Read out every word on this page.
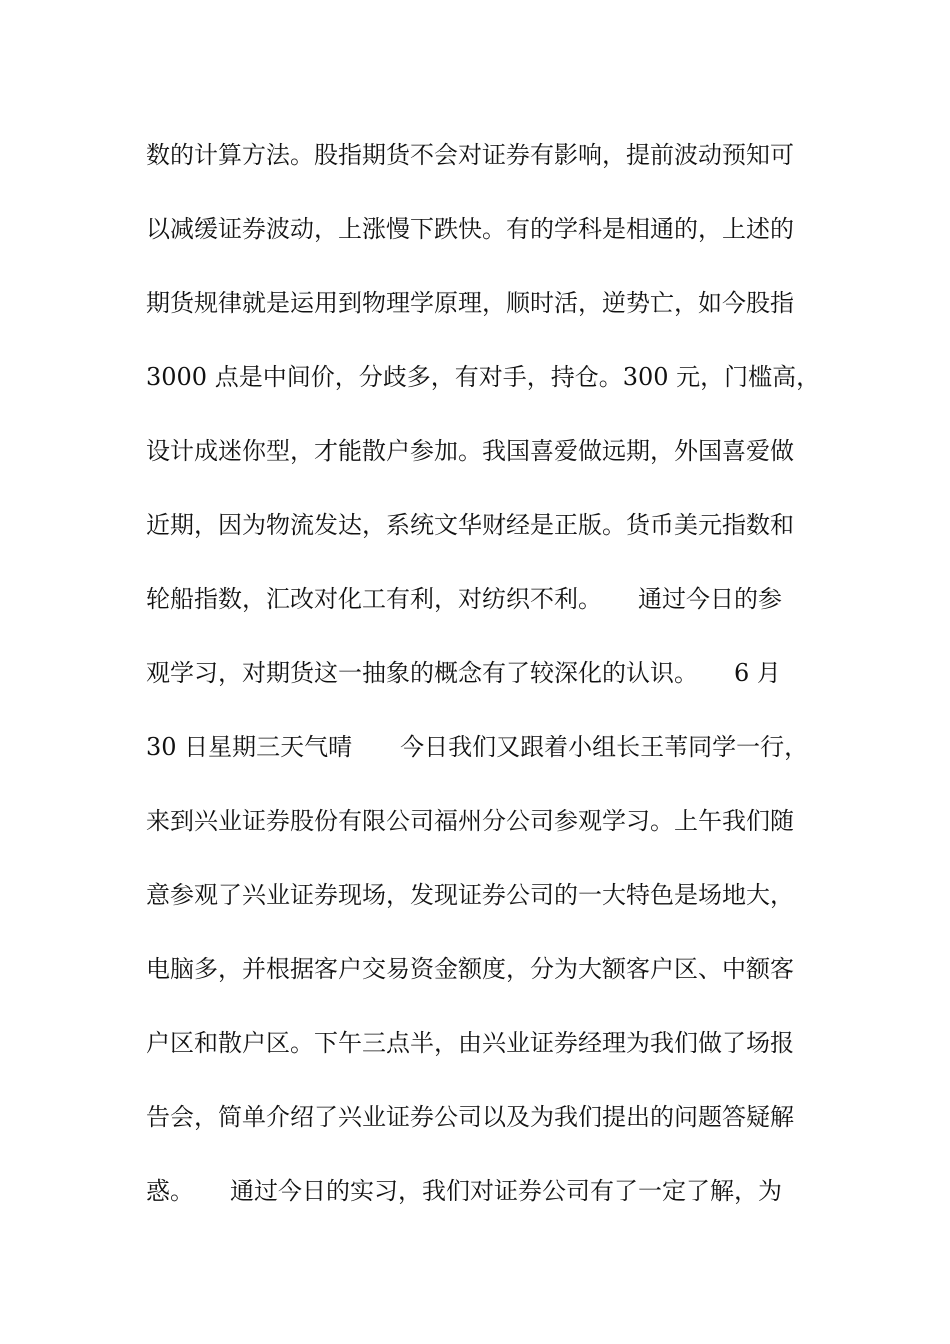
数的计算方法。股指期货不会对证券有影响，提前波动预知可
以减缓证券波动，上涨慢下跌快。有的学科是相通的，上述的
期货规律就是运用到物理学原理，顺时活，逆势亡，如今股指
3000 点是中间价，分歧多，有对手，持仓。300 元，门槛高，
设计成迷你型，才能散户参加。我国喜爱做远期，外国喜爱做
近期，因为物流发达，系统文华财经是正版。货币美元指数和
轮船指数，汇改对化工有利，对纺织不利。　　通过今日的参
观学习，对期货这一抽象的概念有了较深化的认识。　　6 月
30 日星期三天气晴　　今日我们又跟着小组长王苇同学一行，
来到兴业证券股份有限公司福州分公司参观学习。上午我们随
意参观了兴业证券现场，发现证券公司的一大特色是场地大，
电脑多，并根据客户交易资金额度，分为大额客户区、中额客
户区和散户区。下午三点半，由兴业证券经理为我们做了场报
告会，简单介绍了兴业证券公司以及为我们提出的问题答疑解
惑。　　通过今日的实习，我们对证券公司有了一定了解，为
